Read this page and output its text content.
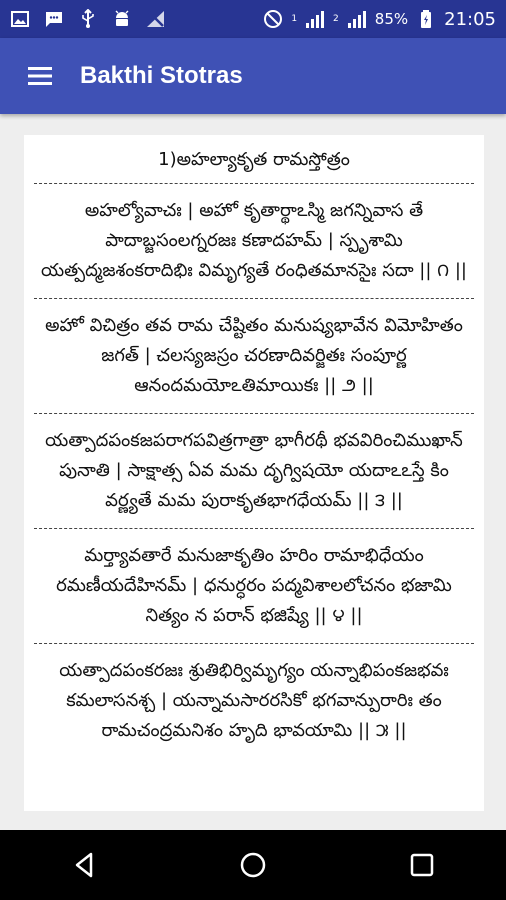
1	2 85% 21:05
Bakthi Stotras
1)అహల్యాకృత రామస్తోత్రం
అహల్యోవాచః | అహో కృతార్థాఽస్మి జగన్నివాస తే పాదాబ్జసంలగ్నరజః కణాదహమ్ | స్పృశామి యత్పద్మజశంకరాదిభిః విమృగ్యతే రంధితమానసైః సదా || ౧ ||
అహో విచిత్రం తవ రామ చేష్టితం మనుష్యభావేన విమోహితం జగత్ | చలస్యజస్రం చరణాదివర్జితః సంపూర్ణ ఆనందమయోఽతిమాయికః || ౨ ||
యత్పాదపంకజపరాగపవిత్రగాత్రా భాగీరథీ భవవిరించిముఖాన్ పునాతి | సాక్షాత్స ఏవ మమ దృగ్విషయో యదాఽఽస్తే కిం వర్ణ్యతే మమ పురాకృతభాగధేయమ్ || ౩ ||
మర్త్యావతారే మనుజాకృతిం హరిం రామాభిధేయం రమణీయదేహినమ్ | ధనుర్ధరం పద్మవిశాలలోచనం భజామి నిత్యం న పరాన్ భజిష్యే || ౪ ||
యత్పాదపంకరజః శ్రుతిభిర్విమృగ్యం యన్నాభిపంకజభవః కమలాసనశ్చ | యన్నామసారరసికో భగవాన్పురారిః తం రామచంద్రమనిశం హృది భావయామి || ౫ ||
